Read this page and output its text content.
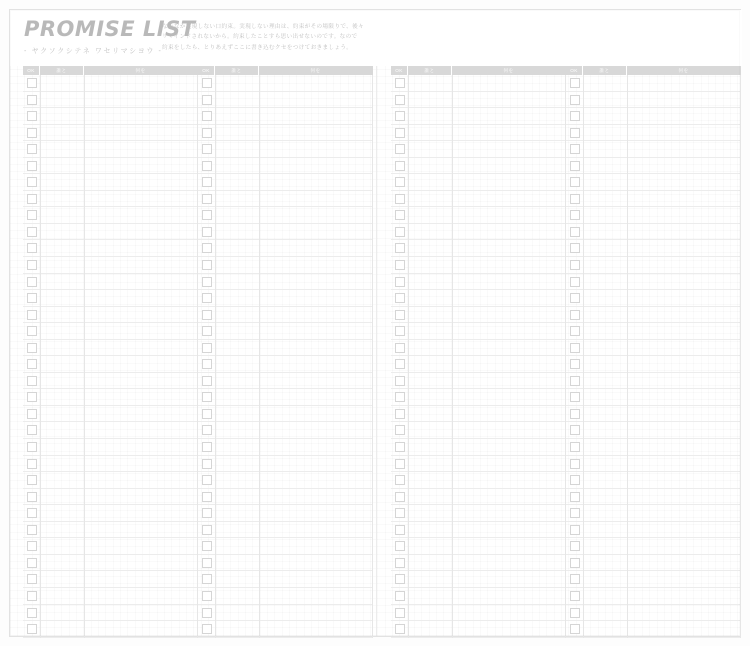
PROMISE LIST
- ヤクソクシテネ ワセリマシヨウ -
なかなか実現しない口約束。実現しない理由は、約束がその場限りで、後々
リマインドされないから。約束したことすら思い出せないのです。なので
約束をしたら、とりあえずここに書き込むクセをつけておきましょう。
OK	誰と	何を	OK	誰と	何を	OK	誰と	何を	OK	誰と	何を
